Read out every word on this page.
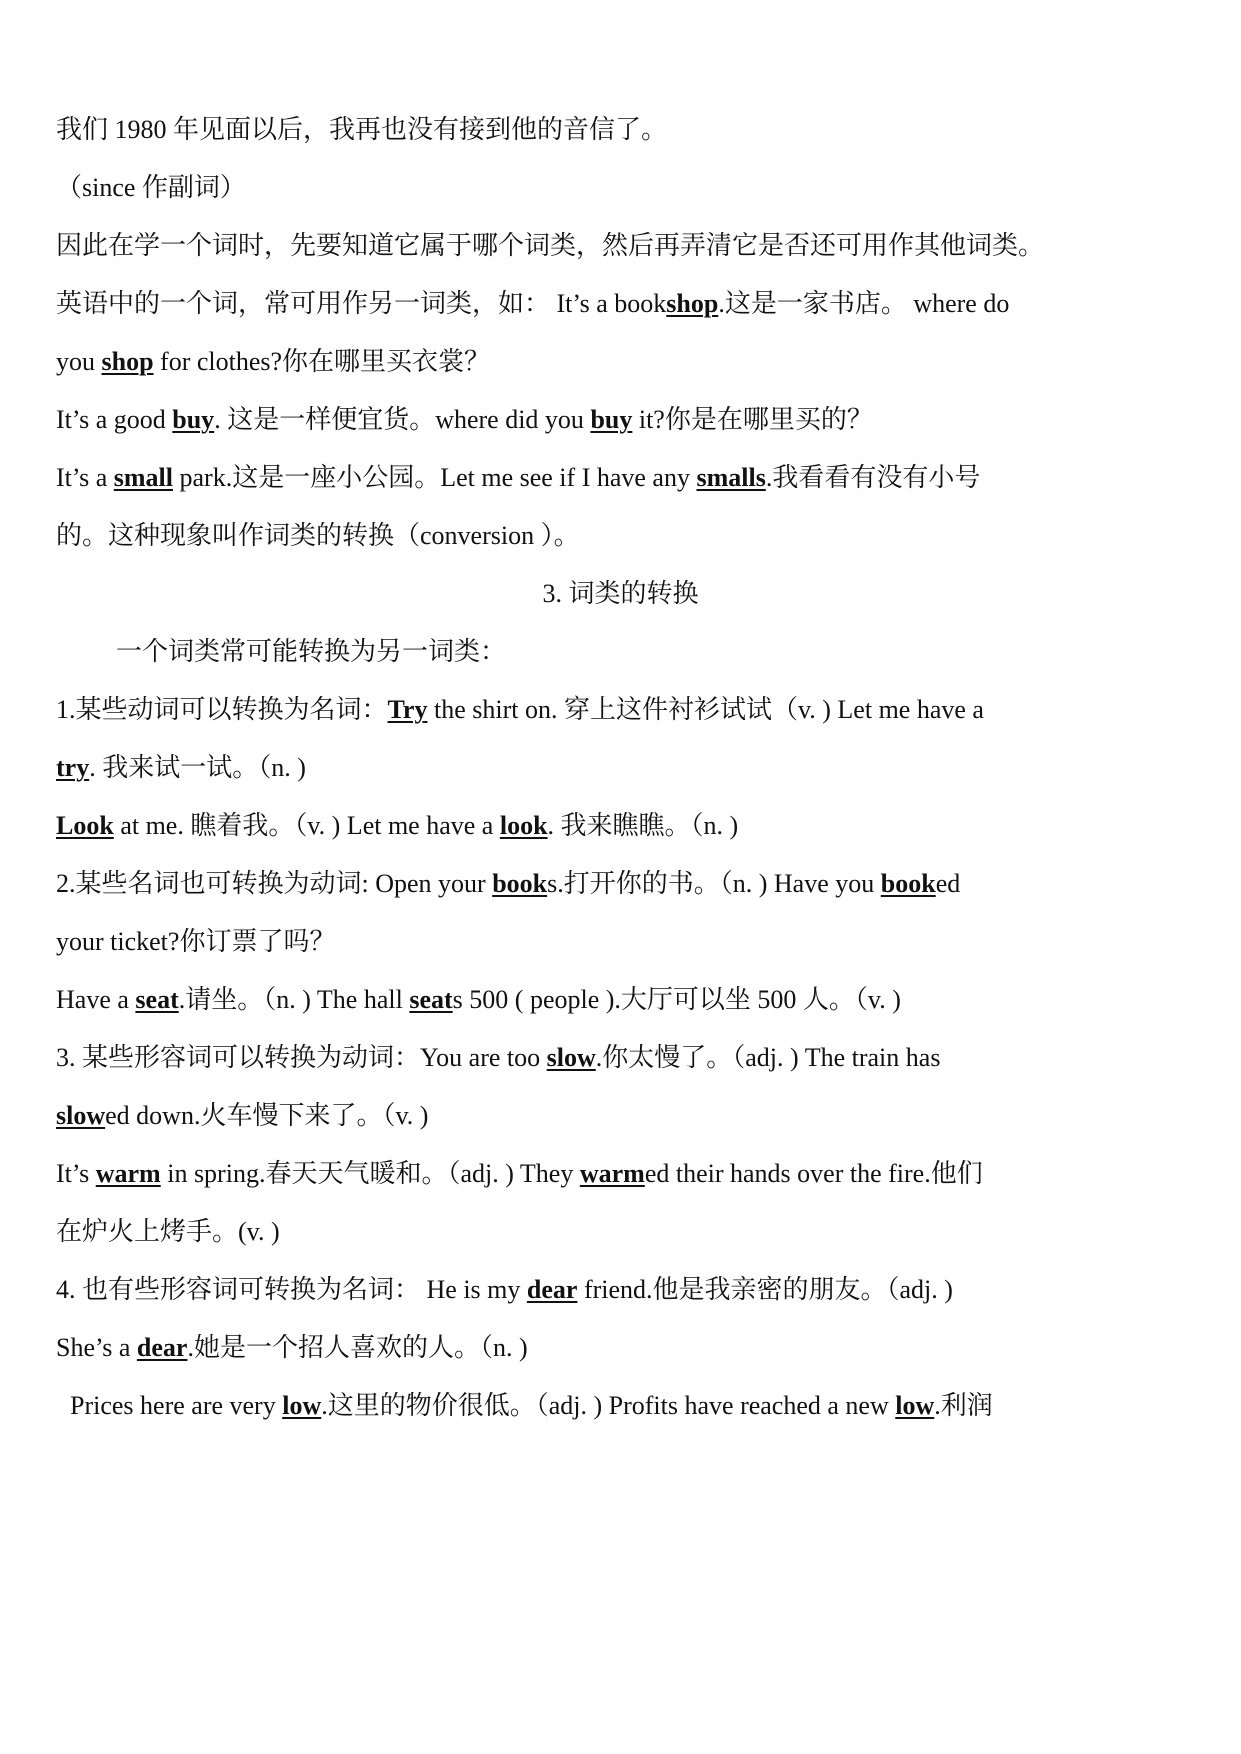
我们 1980 年见面以后，我再也没有接到他的音信了。
（since 作副词）
因此在学一个词时，先要知道它属于哪个词类，然后再弄清它是否还可用作其他词类。
英语中的一个词，常可用作另一词类，如： It’s a bookshop.这是一家书店。 where do
you shop for clothes?你在哪里买衣裳？
It’s a good buy. 这是一样便宜货。where did you buy it?你是在哪里买的？
It’s a small park.这是一座小公园。Let me see if I have any smalls.我看看有没有小号
的。这种现象叫作词类的转换（conversion ）。
3. 词类的转换
一个词类常可能转换为另一词类：
1.某些动词可以转换为名词：Try the shirt on. 穿上这件衬衫试试（v. ) Let me have a
try. 我来试一试。（n. )
Look at me. 瞧着我。（v. ) Let me have a look. 我来瞧瞧。（n. )
2.某些名词也可转换为动词: Open your books.打开你的书。（n. ) Have you booked
your ticket?你订票了吗？
Have a seat.请坐。（n. ) The hall seats 500 ( people ).大厅可以坐 500 人。（v. )
3. 某些形容词可以转换为动词：You are too slow.你太慢了。（adj. ) The train has
slowed down.火车慢下来了。（v. )
It’s warm in spring.春天天气暖和。（adj. ) They warmed their hands over the fire.他们
在炉火上烤手。(v. )
4. 也有些形容词可转换为名词： He is my dear friend.他是我亲密的朋友。（adj. )
She’s a dear.她是一个招人喜欢的人。（n. )
Prices here are very low.这里的物价很低。（adj. ) Profits have reached a new low.利润
